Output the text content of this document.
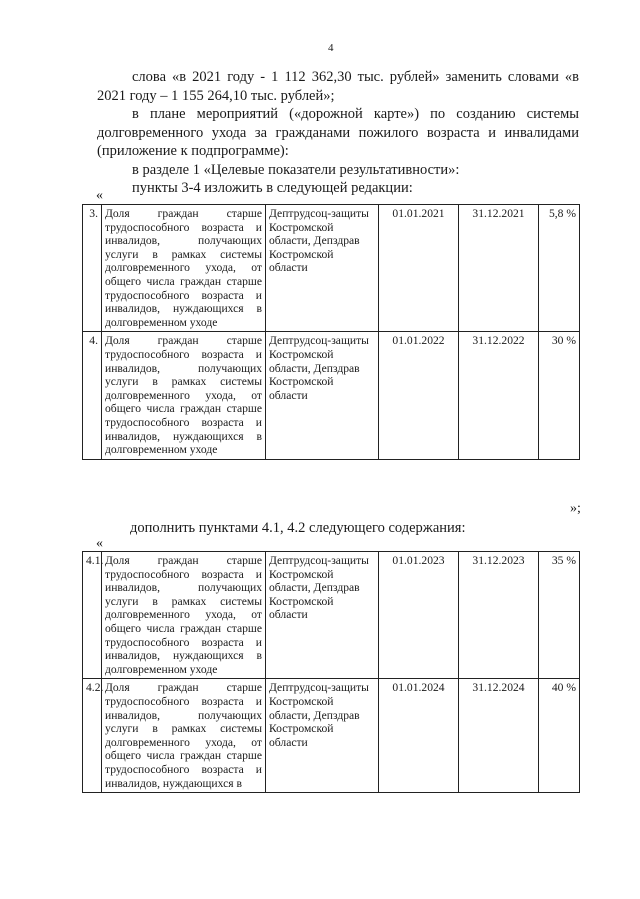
4

слова «в 2021 году - 1 112 362,30 тыс. рублей» заменить словами «в 2021 году – 1 155 264,10 тыс. рублей»;

в плане мероприятий («дорожной карте») по созданию системы долговременного ухода за гражданами пожилого возраста и инвалидами (приложение к подпрограмме):

в разделе 1 «Целевые показатели результативности»:

пункты 3-4 изложить в следующей редакции:

«
3.	Доля граждан старше трудоспособного возраста и инвалидов, получающих услуги в рамках системы долговременного ухода, от общего числа граждан старше трудоспособного возраста и инвалидов, нуждающихся в долговременном уходе	Дептрудсоц-защиты Костромской области, Депздрав Костромской области	01.01.2021	31.12.2021	5,8 %
4.	Доля граждан старше трудоспособного возраста и инвалидов, получающих услуги в рамках системы долговременного ухода, от общего числа граждан старше трудоспособного возраста и инвалидов, нуждающихся в долговременном уходе	Дептрудсоц-защиты Костромской области, Депздрав Костромской области	01.01.2022	31.12.2022	30 %
»;
дополнить пунктами 4.1, 4.2 следующего содержания:
«
4.1.	Доля граждан старше трудоспособного возраста и инвалидов, получающих услуги в рамках системы долговременного ухода, от общего числа граждан старше трудоспособного возраста и инвалидов, нуждающихся в долговременном уходе	Дептрудсоц-защиты Костромской области, Депздрав Костромской области	01.01.2023	31.12.2023	35 %
4.2.	Доля граждан старше трудоспособного возраста и инвалидов, получающих услуги в рамках системы долговременного ухода, от общего числа граждан старше трудоспособного возраста и инвалидов, нуждающихся в	Дептрудсоц-защиты Костромской области, Депздрав Костромской области	01.01.2024	31.12.2024	40 %
